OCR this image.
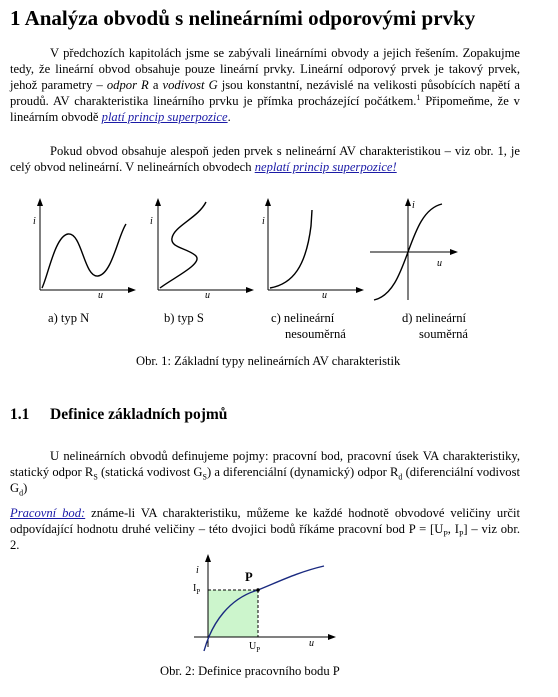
1 Analýza obvodů s nelineárními odporovými prvky
V předchozích kapitolách jsme se zabývali lineárními obvody a jejich řešením. Zopakujme tedy, že lineární obvod obsahuje pouze lineární prvky. Lineární odporový prvek je takový prvek, jehož parametry – odpor R a vodivost G jsou konstantní, nezávislé na velikosti působících napětí a proudů. AV charakteristika lineárního prvku je přímka procházející počátkem.$^1$ Připomeňme, že v lineárním obvodě platí princip superpozice.
Pokud obvod obsahuje alespoň jeden prvek s nelineární AV charakteristikou – viz obr. 1, je celý obvod nelineární. V nelineárních obvodech neplatí princip superpozice!
i
u
i
u
i
u
i
u
a) typ N	b) typ S	c) nelineární
nesouměrná
d) nelineární
souměrná
Obr. 1: Základní typy nelineárních AV charakteristik
1.1 Definice základních pojmů
U nelineárních obvodů definujeme pojmy: pracovní bod, pracovní úsek VA charakteristiky, statický odpor $R_S$ (statická vodivost $G_S$) a diferenciální (dynamický) odpor $R_d$ (diferenciální vodivost $G_d$)
Pracovní bod: známe-li VA charakteristiku, můžeme ke každé hodnotě obvodové veličiny určit odpovídající hodnotu druhé veličiny – této dvojici bodů říkáme pracovní bod $P = [U_P$, $I_P$] – viz obr. 2.
P
$I_P$
$U_P$
i
u
Obr. 2: Definice pracovního bodu P
